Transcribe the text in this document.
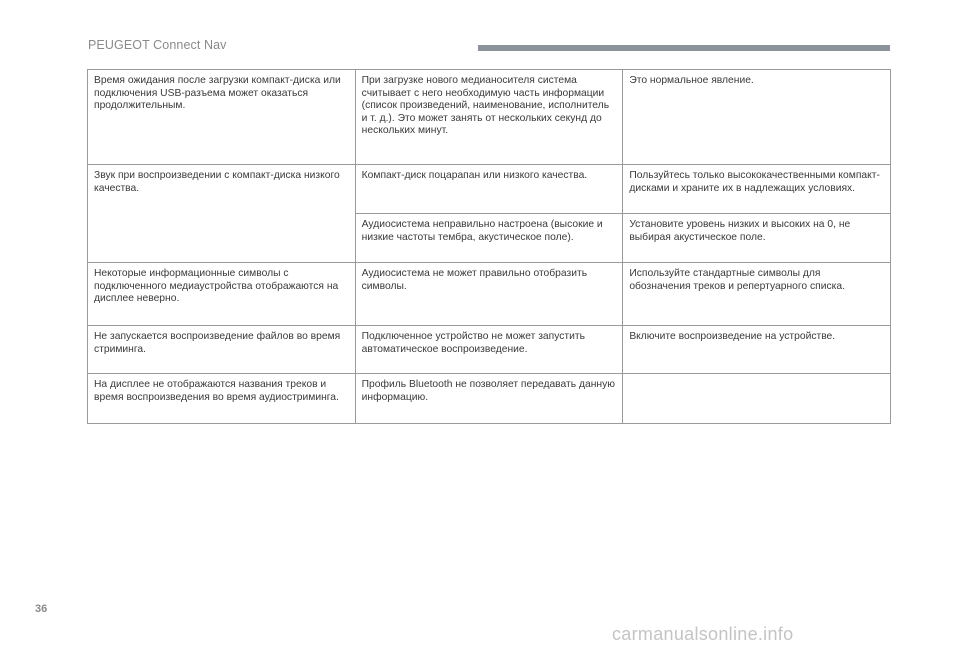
PEUGEOT Connect Nav
Время ожидания после загрузки компакт-диска или подключения USB-разъема может оказаться продолжительным.	При загрузке нового медианосителя система считывает с него необходимую часть информации (список произведений, наименование, исполнитель и т. д.). Это может занять от нескольких секунд до нескольких минут.	Это нормальное явление.
Звук при воспроизведении с компакт-диска низкого качества.	Компакт-диск поцарапан или низкого качества.	Пользуйтесь только высококачественными компакт-дисками и храните их в надлежащих условиях.
	Аудиосистема неправильно настроена (высокие и низкие частоты тембра, акустическое поле).	Установите уровень низких и высоких на 0, не выбирая акустическое поле.
Некоторые информационные символы с подключенного медиаустройства отображаются на дисплее неверно.	Аудиосистема не может правильно отобразить символы.	Используйте стандартные символы для обозначения треков и репертуарного списка.
Не запускается воспроизведение файлов во время стриминга.	Подключенное устройство не может запустить автоматическое воспроизведение.	Включите воспроизведение на устройстве.
На дисплее не отображаются названия треков и время воспроизведения во время аудиостриминга.	Профиль Bluetooth не позволяет передавать данную информацию.	
36
carmanualsonline.info
